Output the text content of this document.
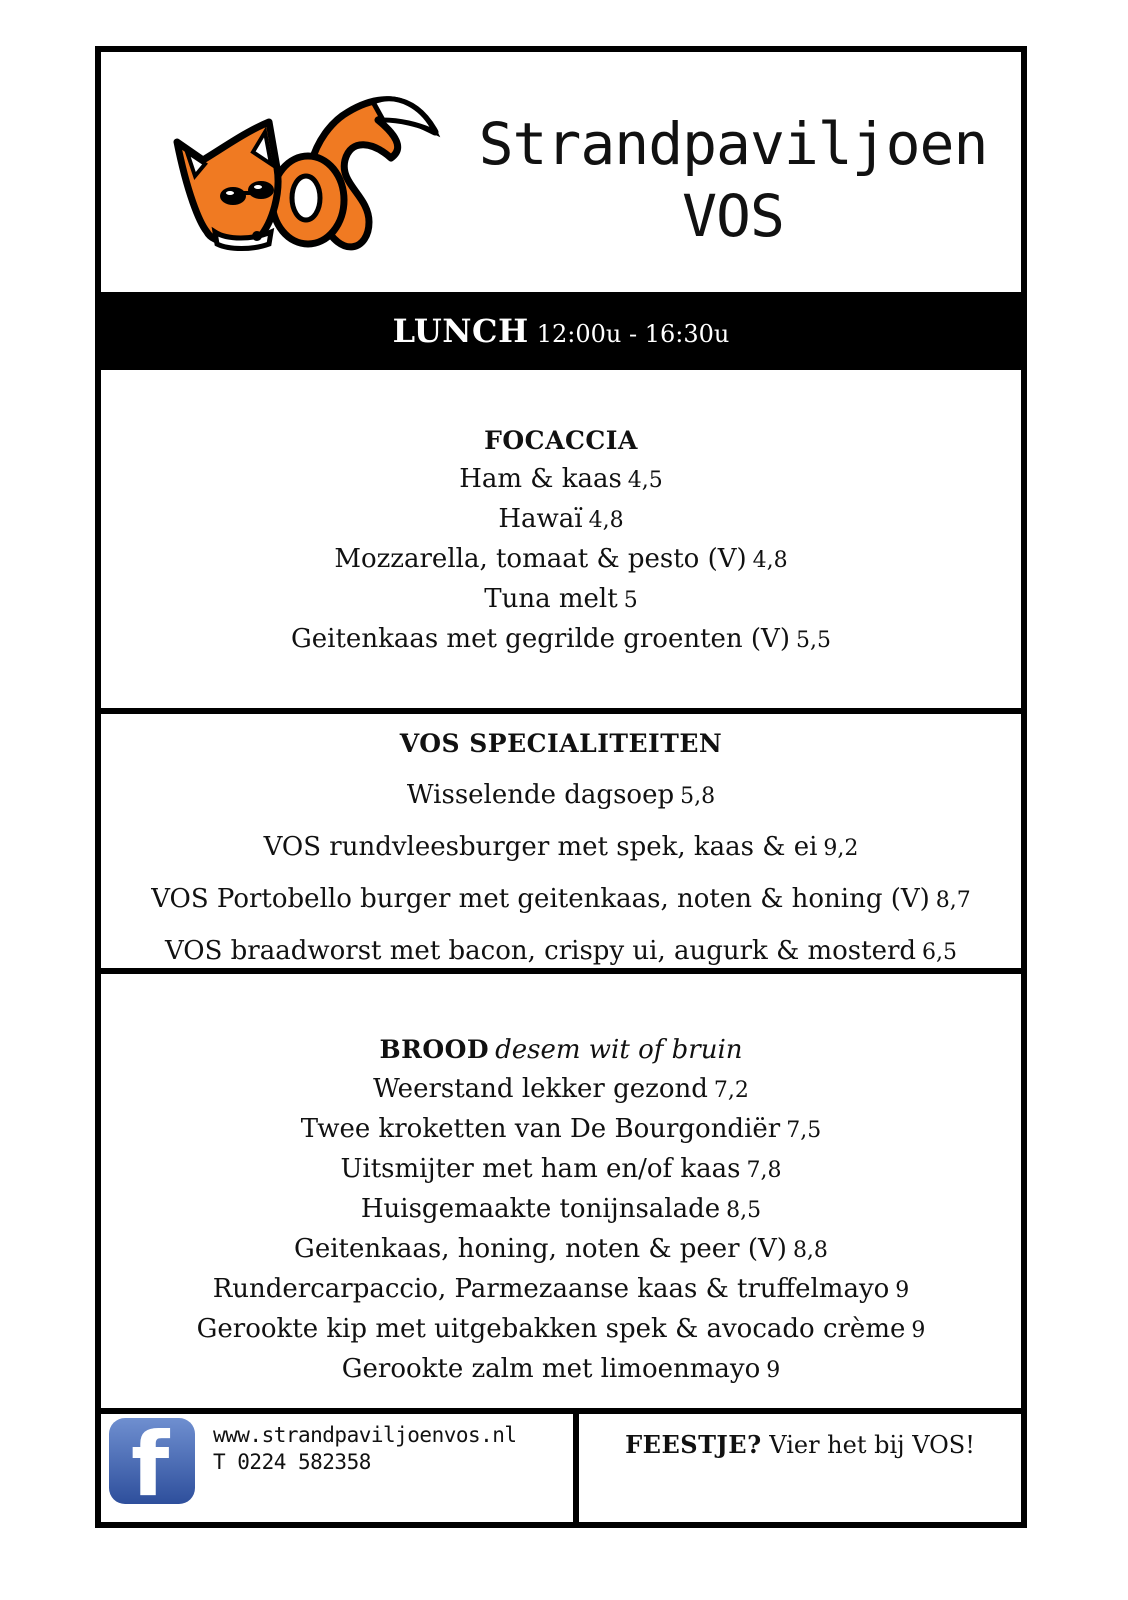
Strandpaviljoen
VOS
LUNCH 12:00u - 16:30u
FOCACCIA
Ham & kaas 4,5
Hawaï 4,8
Mozzarella, tomaat & pesto (V) 4,8
Tuna melt 5
Geitenkaas met gegrilde groenten (V) 5,5
VOS SPECIALITEITEN
Wisselende dagsoep 5,8
VOS rundvleesburger met spek, kaas & ei 9,2
VOS Portobello burger met geitenkaas, noten & honing (V) 8,7
VOS braadworst met bacon, crispy ui, augurk & mosterd 6,5
BROOD desem wit of bruin
Weerstand lekker gezond 7,2
Twee kroketten van De Bourgondiër 7,5
Uitsmijter met ham en/of kaas 7,8
Huisgemaakte tonijnsalade 8,5
Geitenkaas, honing, noten & peer (V) 8,8
Rundercarpaccio, Parmezaanse kaas & truffelmayo 9
Gerookte kip met uitgebakken spek & avocado crème 9
Gerookte zalm met limoenmayo 9
f www.strandpaviljoenvos.nl
T 0224 582358
FEESTJE? Vier het bij VOS!
